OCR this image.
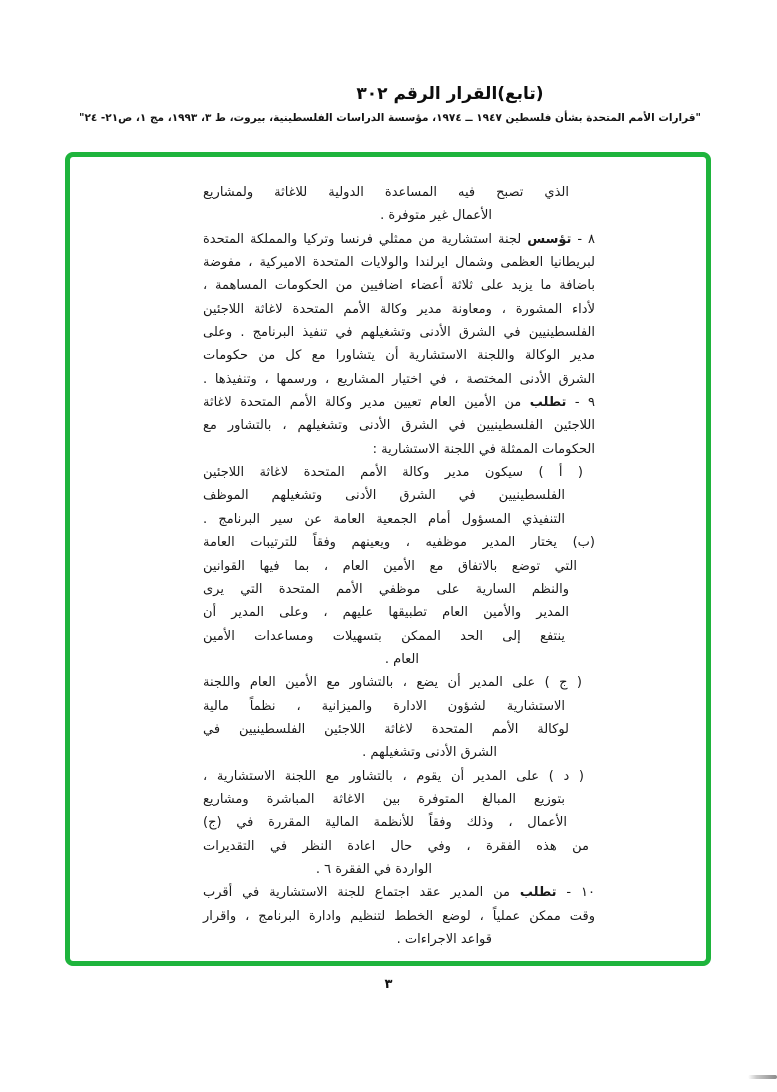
(تابع)القرار الرقم ٣٠٢
"قرارات الأمم المتحدة بشأن فلسطين ١٩٤٧ ــ ١٩٧٤، مؤسسة الدراسات الفلسطينية، بيروت، ط ٣، ١٩٩٣، مج ١، ص٢١- ٢٤"
الذي تصبح فيه المساعدة الدولية للاغاثة ولمشاريع
الأعمال غير متوفرة .
٨ - تؤسس لجنة استشارية من ممثلي فرنسا وتركيا والمملكة المتحدة
لبريطانيا العظمى وشمال ايرلندا والولايات المتحدة الاميركية ، مفوضة
باضافة ما يزيد على ثلاثة أعضاء اضافيين من الحكومات المساهمة ،
لأداء المشورة ، ومعاونة مدير وكالة الأمم المتحدة لاغاثة اللاجئين
الفلسطينيين في الشرق الأدنى وتشغيلهم في تنفيذ البرنامج . وعلى
مدير الوكالة واللجنة الاستشارية أن يتشاورا مع كل من حكومات
الشرق الأدنى المختصة ، في اختيار المشاريع ، ورسمها ، وتنفيذها .
٩ - تطلب من الأمين العام تعيين مدير وكالة الأمم المتحدة لاغاثة
اللاجئين الفلسطينيين في الشرق الأدنى وتشغيلهم ، بالتشاور مع
الحكومات الممثلة في اللجنة الاستشارية :
( أ ) سيكون مدير وكالة الأمم المتحدة لاغاثة اللاجئين
الفلسطينيين في الشرق الأدنى وتشغيلهم الموظف
التنفيذي المسؤول أمام الجمعية العامة عن سير البرنامج .
(ب) يختار المدير موظفيه ، ويعينهم وفقاً للترتيبات العامة
التي توضع بالاتفاق مع الأمين العام ، بما فيها القوانين
والنظم السارية على موظفي الأمم المتحدة التي يرى
المدير والأمين العام تطبيقها عليهم ، وعلى المدير أن
ينتفع إلى الحد الممكن بتسهيلات ومساعدات الأمين
العام .
( ج ) على المدير أن يضع ، بالتشاور مع الأمين العام واللجنة
الاستشارية لشؤون الادارة والميزانية ، نظماً مالية
لوكالة الأمم المتحدة لاغاثة اللاجئين الفلسطينيين في
الشرق الأدنى وتشغيلهم .
( د ) على المدير أن يقوم ، بالتشاور مع اللجنة الاستشارية ،
بتوزيع المبالغ المتوفرة بين الاغاثة المباشرة ومشاريع
الأعمال ، وذلك وفقاً للأنظمة المالية المقررة في (ج)
من هذه الفقرة ، وفي حال اعادة النظر في التقديرات
الواردة في الفقرة ٦ .
١٠ - تطلب من المدير عقد اجتماع للجنة الاستشارية في أقرب
وقت ممكن عملياً ، لوضع الخطط لتنظيم وادارة البرنامج ، واقرار
قواعد الاجراءات .
٣
